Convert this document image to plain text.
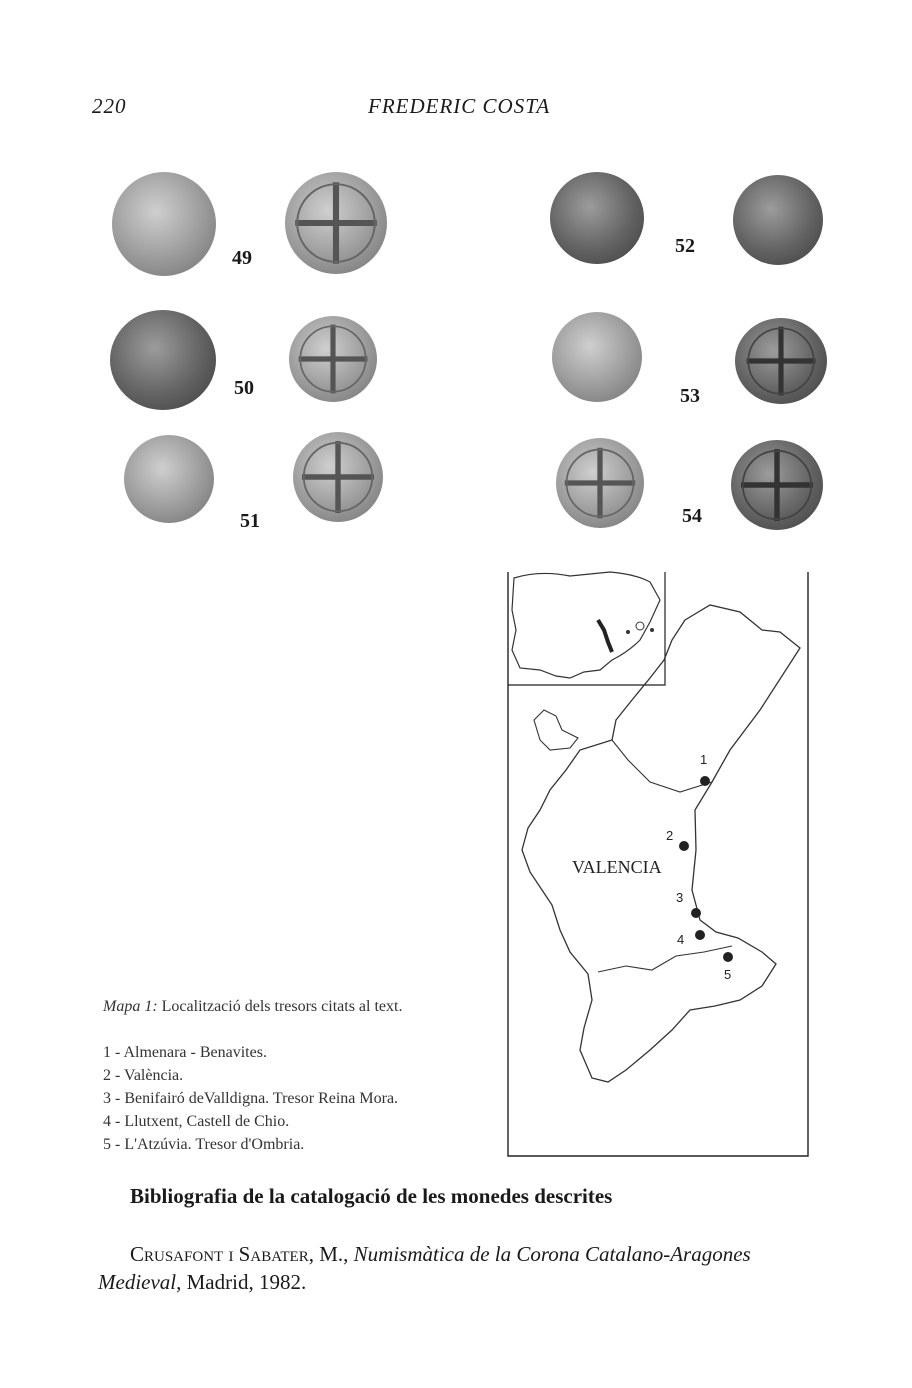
220	FREDERIC COSTA
49
50
51
52
53
54
1
2
3
4
5
VALENCIA
Mapa 1: Localització dels tresors citats al text.
1 - Almenara - Benavites.
2 - València.
3 - Benifairó deValldigna. Tresor Reina Mora.
4 - Llutxent, Castell de Chio.
5 - L'Atzúvia. Tresor d'Ombria.
Bibliografia de la catalogació de les monedes descrites
Crusafont i Sabater, M., Numismàtica de la Corona Catalano-Aragones
Medieval, Madrid, 1982.
